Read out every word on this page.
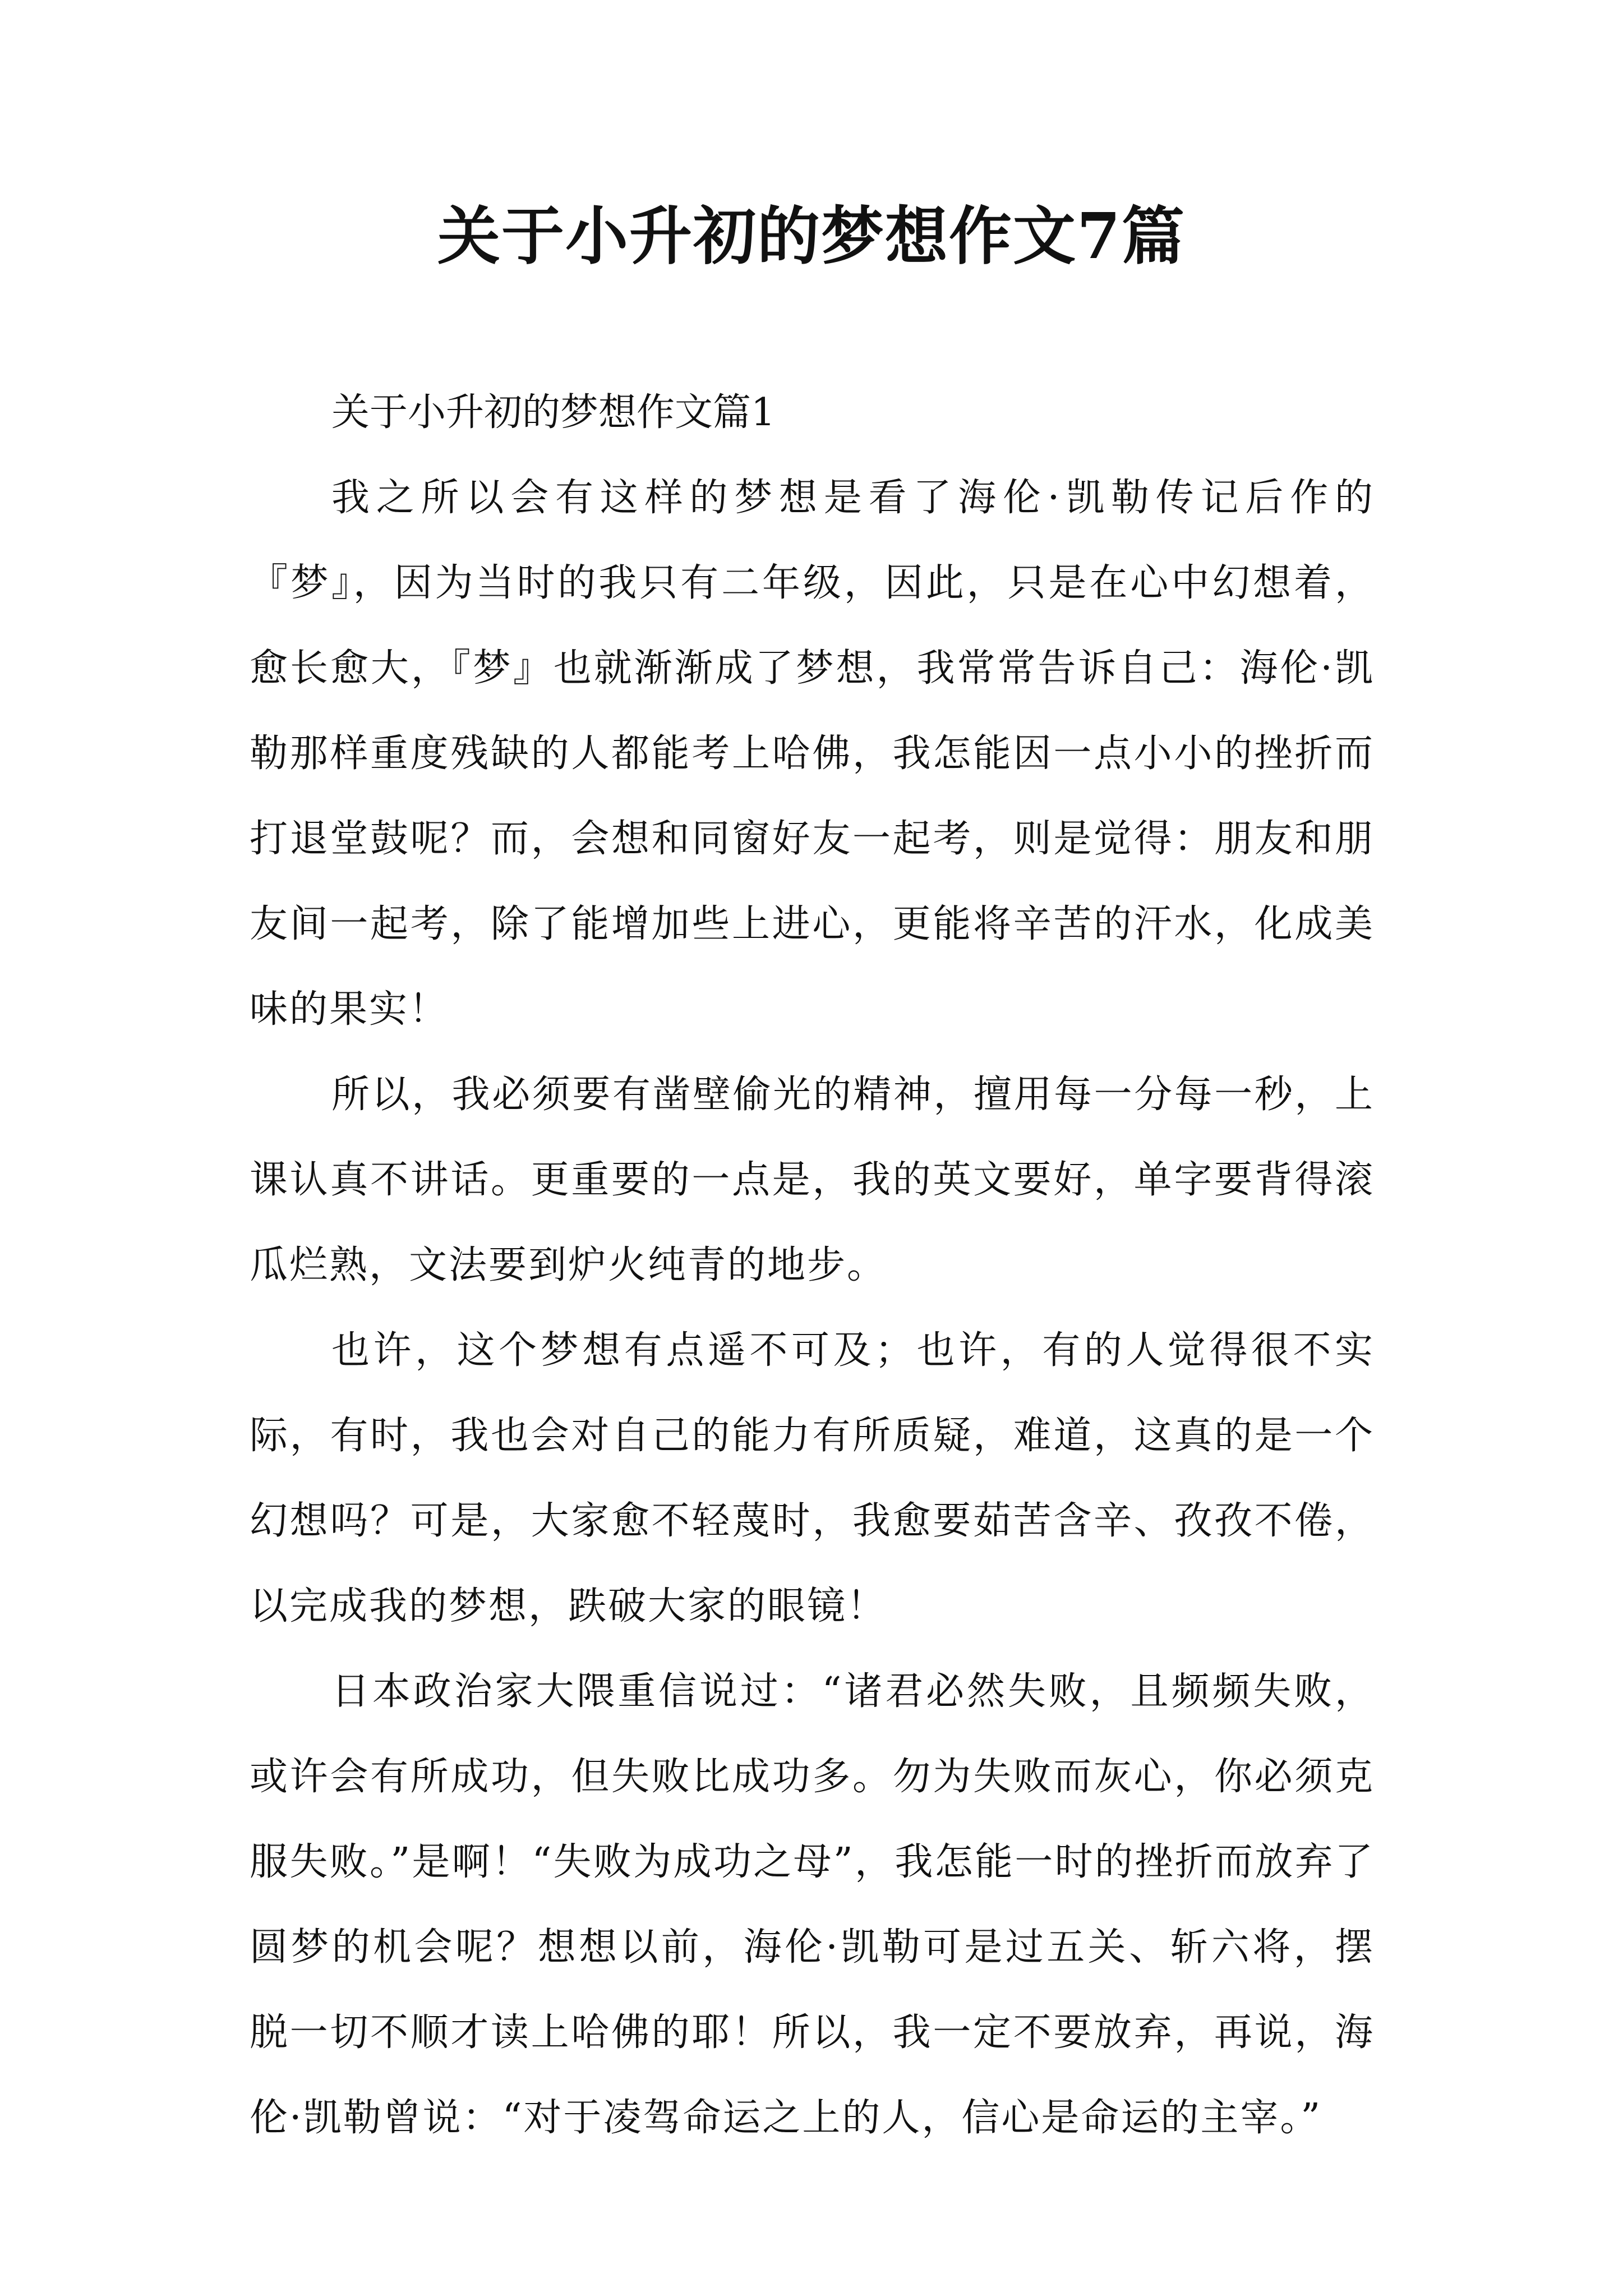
关于小升初的梦想作文7篇

关于小升初的梦想作文篇1

我之所以会有这样的梦想是看了海伦·凯勒传记后作的『梦』，因为当时的我只有二年级，因此，只是在心中幻想着，愈长愈大，『梦』也就渐渐成了梦想，我常常告诉自己：海伦·凯勒那样重度残缺的人都能考上哈佛，我怎能因一点小小的挫折而打退堂鼓呢？而，会想和同窗好友一起考，则是觉得：朋友和朋友间一起考，除了能增加些上进心，更能将辛苦的汗水，化成美味的果实！

所以，我必须要有凿壁偷光的精神，擅用每一分每一秒，上课认真不讲话。更重要的一点是，我的英文要好，单字要背得滚瓜烂熟，文法要到炉火纯青的地步。

也许，这个梦想有点遥不可及；也许，有的人觉得很不实际，有时，我也会对自己的能力有所质疑，难道，这真的是一个幻想吗？可是，大家愈不轻蔑时，我愈要茹苦含辛、孜孜不倦，以完成我的梦想，跌破大家的眼镜！

日本政治家大隈重信说过：“诸君必然失败，且频频失败，或许会有所成功，但失败比成功多。勿为失败而灰心，你必须克服失败。”是啊！“失败为成功之母”，我怎能一时的挫折而放弃了圆梦的机会呢？想想以前，海伦·凯勒可是过五关、斩六将，摆脱一切不顺才读上哈佛的耶！所以，我一定不要放弃，再说，海伦·凯勒曾说：“对于凌驾命运之上的人，信心是命运的主宰。”
